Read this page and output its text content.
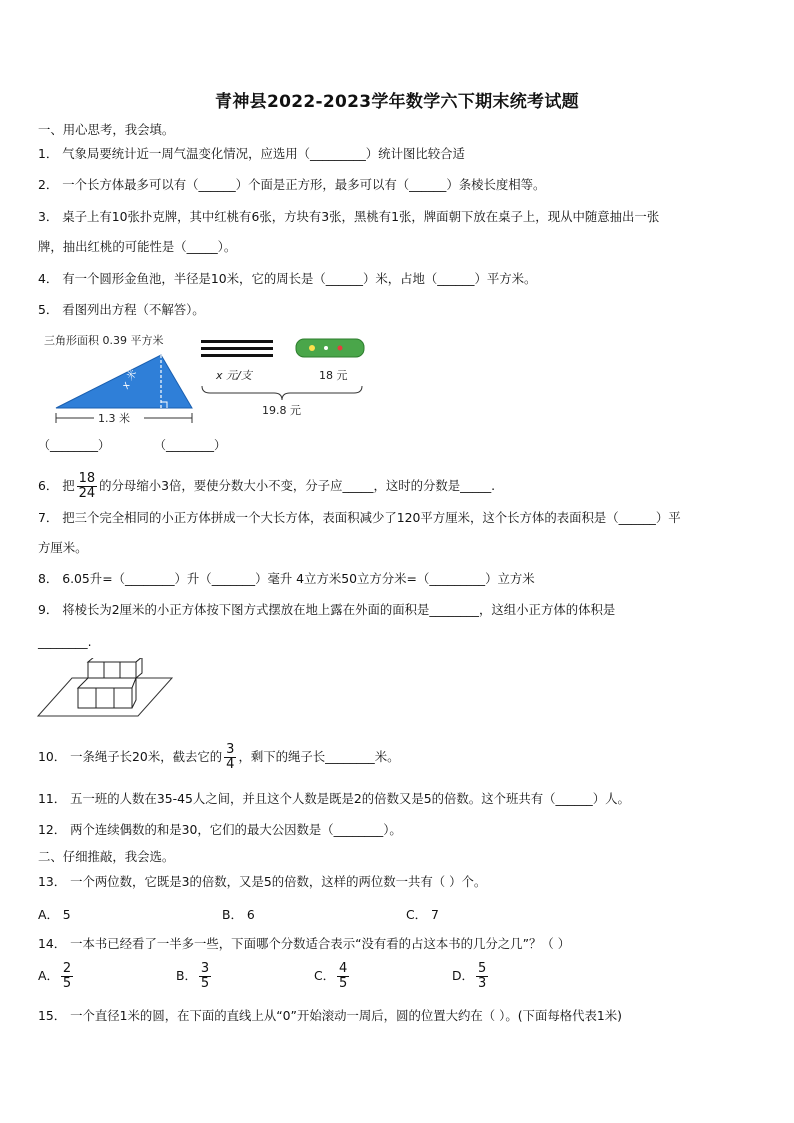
青神县2022-2023学年数学六下期末统考试题
一、用心思考，我会填。
1． 气象局要统计近一周气温变化情况，应选用（_________）统计图比较合适
2． 一个长方体最多可以有（______）个面是正方形，最多可以有（______）条棱长度相等。
3． 桌子上有10张扑克牌，其中红桃有6张，方块有3张，黑桃有1张，牌面朝下放在桌子上，现从中随意抽出一张
牌，抽出红桃的可能性是（_____）。
4． 有一个圆形金鱼池，半径是10米，它的周长是（______）米，占地（______）平方米。
5． 看图列出方程（不解答）。
三角形面积 0.39 平方米
x 米
1.3 米
x 元/支	18 元
19.8 元
（________）	（________）
6． 把 $\frac{18}{24}$ 的分母缩小3倍，要使分数大小不变，分子应_____，这时的分数是_____.
7． 把三个完全相同的小正方体拼成一个大长方体，表面积减少了120平方厘米，这个长方体的表面积是（______）平
方厘米。
8． 6.05升=（________）升（_______）毫升 4立方米50立方分米=（_________）立方米
9． 将棱长为2厘米的小正方体按下图方式摆放在地上露在外面的面积是________，这组小正方体的体积是
________.
10． 一条绳子长20米，截去它的 $\frac{3}{4}$ ，剩下的绳子长________米。
11． 五一班的人数在35-45人之间，并且这个人数是既是2的倍数又是5的倍数。这个班共有（______）人。
12． 两个连续偶数的和是30，它们的最大公因数是（________）。
二、仔细推敲，我会选。
13． 一个两位数，它既是3的倍数，又是5的倍数，这样的两位数一共有（ ）个。
A． 5	B． 6	C． 7
14． 一本书已经看了一半多一些，下面哪个分数适合表示“没有看的占这本书的几分之几”？（ ）
A． $\frac{2}{5}$	B． $\frac{3}{5}$	C． $\frac{4}{5}$	D． $\frac{5}{3}$
15． 一个直径1米的圆，在下面的直线上从“0”开始滚动一周后，圆的位置大约在（ ）。(下面每格代表1米)
